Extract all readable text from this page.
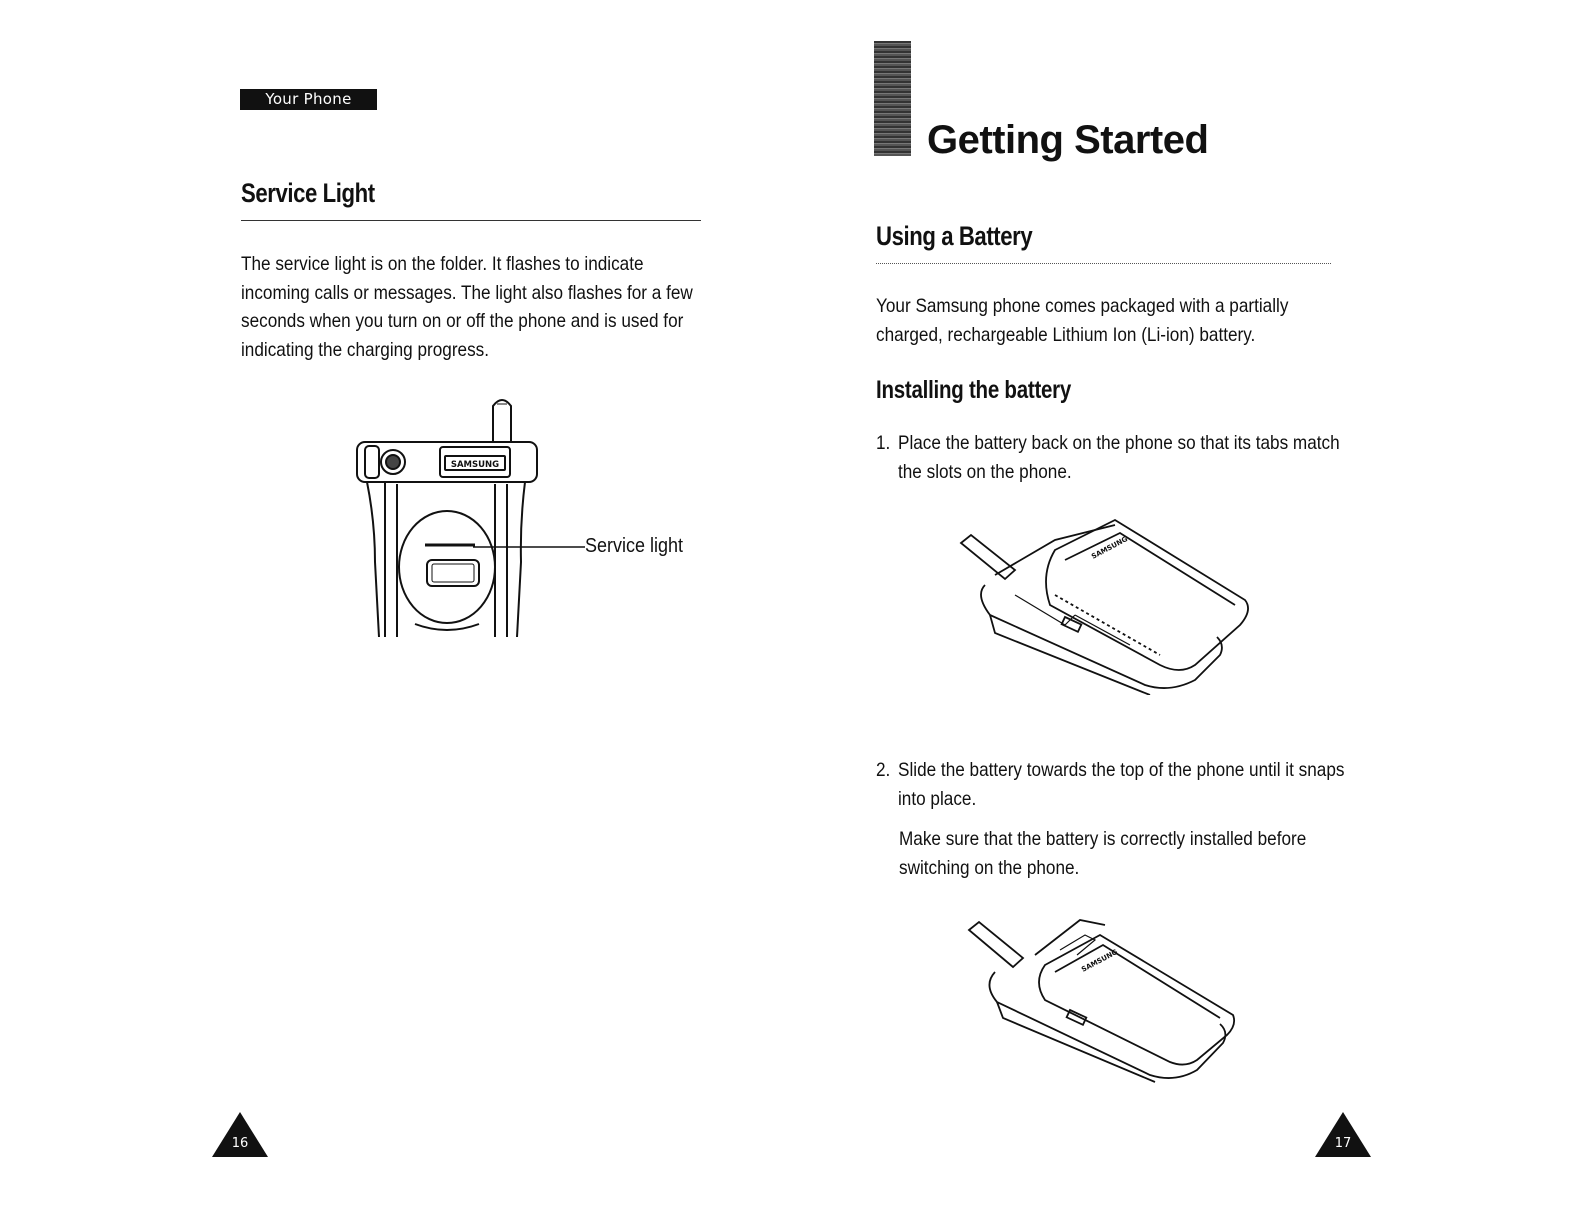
Your Phone
Service Light

The service light is on the folder. It flashes to indicate incoming calls or messages. The light also flashes for a few seconds when you turn on or off the phone and is used for indicating the charging progress.

SAMSUNG
Service light
16
Getting Started
Using a Battery

Your Samsung phone comes packaged with a partially charged, rechargeable Lithium Ion (Li-ion) battery.

Installing the battery
1. Place the battery back on the phone so that its tabs match the slots on the phone.
SAMSUNG
2. Slide the battery towards the top of the phone until it snaps into place.

Make sure that the battery is correctly installed before switching on the phone.

SAMSUNG
17
